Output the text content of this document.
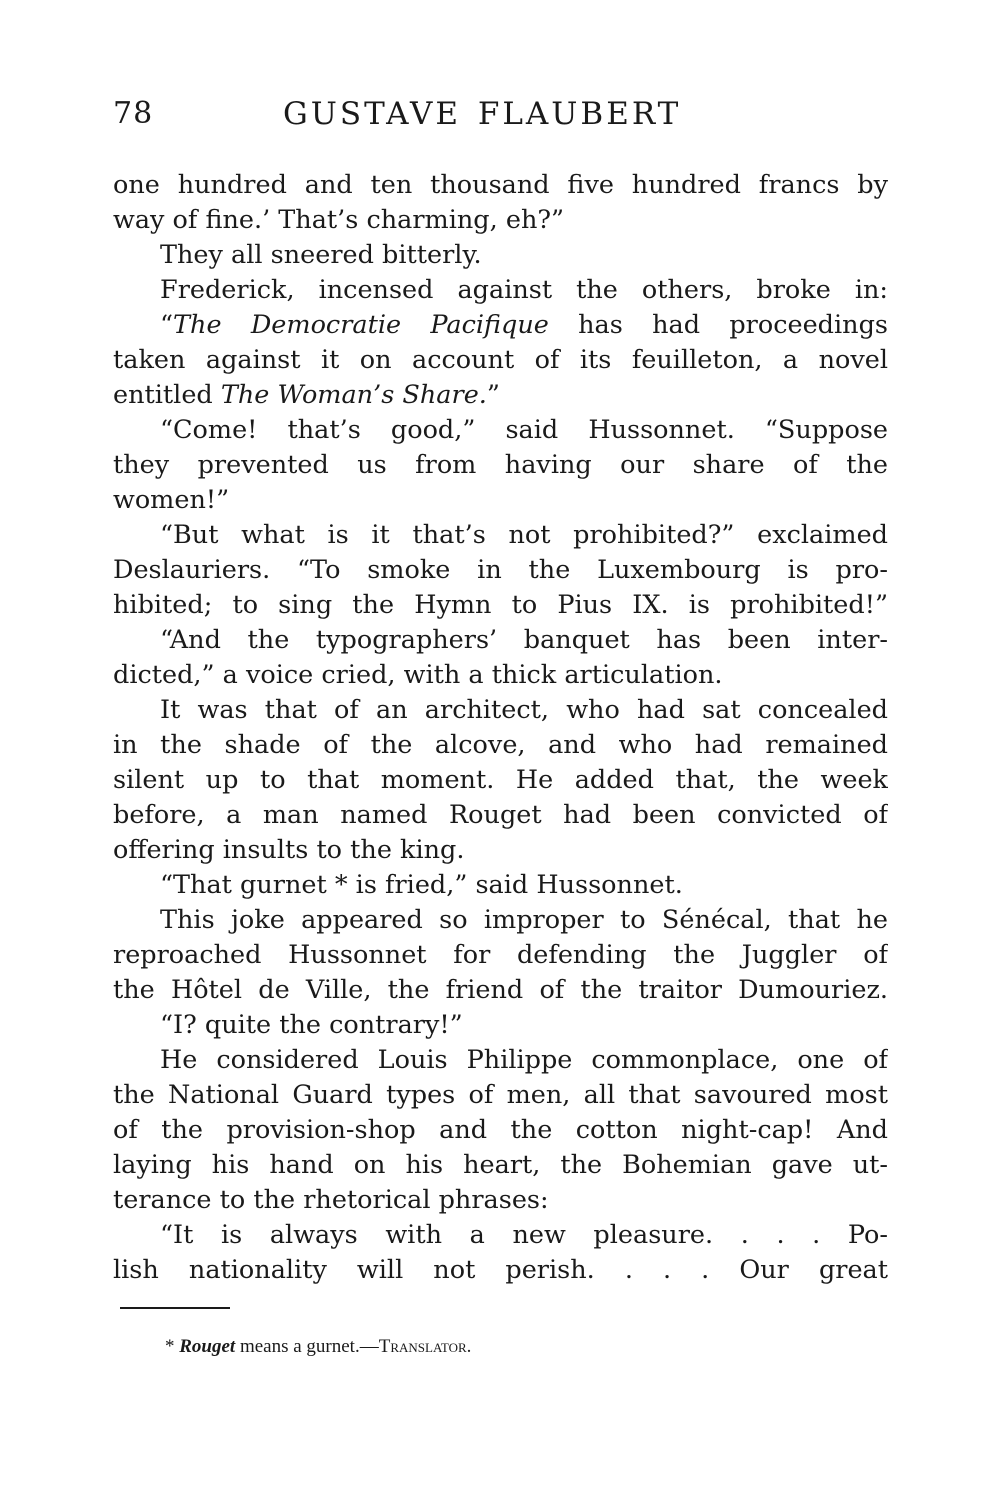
78	GUSTAVE FLAUBERT
one hundred and ten thousand five hundred francs by
way of fine.’ That’s charming, eh?”
They all sneered bitterly.
Frederick, incensed against the others, broke in:
“The Democratie Pacifique has had proceedings
taken against it on account of its feuilleton, a novel
entitled The Woman’s Share.”
“Come! that’s good,” said Hussonnet. “Suppose
they prevented us from having our share of the
women!”
“But what is it that’s not prohibited?” exclaimed
Deslauriers. “To smoke in the Luxembourg is pro-
hibited; to sing the Hymn to Pius IX. is prohibited!”
“And the typographers’ banquet has been inter-
dicted,” a voice cried, with a thick articulation.
It was that of an architect, who had sat concealed
in the shade of the alcove, and who had remained
silent up to that moment. He added that, the week
before, a man named Rouget had been convicted of
offering insults to the king.
“That gurnet * is fried,” said Hussonnet.
This joke appeared so improper to Sénécal, that he
reproached Hussonnet for defending the Juggler of
the Hôtel de Ville, the friend of the traitor Dumouriez.
“I? quite the contrary!”
He considered Louis Philippe commonplace, one of
the National Guard types of men, all that savoured most
of the provision-shop and the cotton night-cap! And
laying his hand on his heart, the Bohemian gave ut-
terance to the rhetorical phrases:
“It is always with a new pleasure. . . . Po-
lish nationality will not perish. . . . Our great
* Rouget means a gurnet.—Translator.
